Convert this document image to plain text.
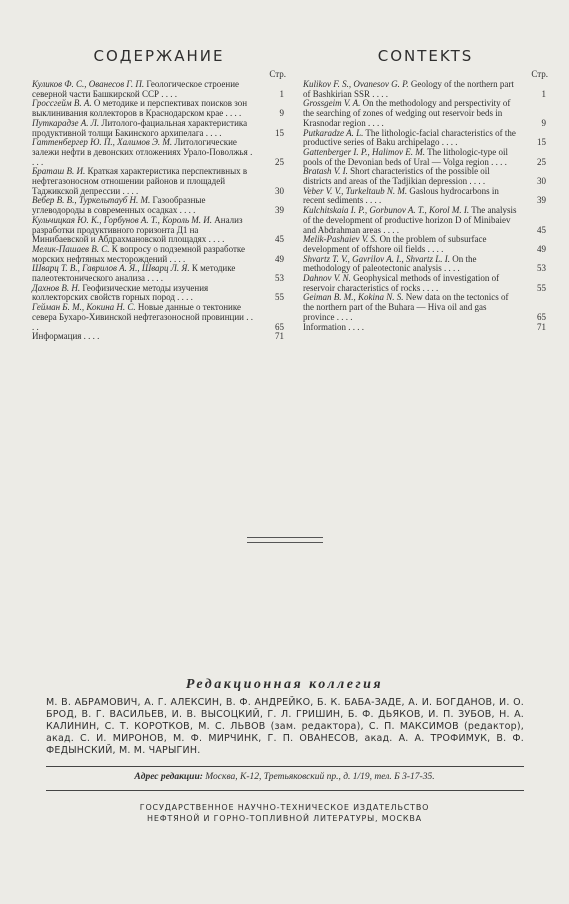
СОДЕРЖАНИЕ
Стр.
Куликов Ф. С., Ованесов Г. П. Геологическое строение северной части Башкирской ССР . . . .	1
Гроссгейм В. А. О методике и перспективах поисков зон выклинивания коллекторов в Краснодарском крае . . . .	9
Путкарадзе А. Л. Литолого-фациальная характеристика продуктивной толщи Бакинского архипелага . . . .	15
Гаттенбергер Ю. П., Халимов Э. М. Литологические залежи нефти в девонских отложениях Урало-Поволжья . . . .	25
Браташ В. И. Краткая характеристика перспективных в нефтегазоносном отношении районов и площадей Таджикской депрессии . . . .	30
Вебер В. В., Туркельтауб Н. М. Газообразные углеводороды в современных осадках . . . .	39
Кульчицкая Ю. К., Горбунов А. Т., Король М. И. Анализ разработки продуктивного горизонта Д1 на Минибаевской и Абдрахмановской площадях . . . .	45
Мелик-Пашаев В. С. К вопросу о подземной разработке морских нефтяных месторождений . . . .	49
Шварц Т. В., Гаврилов А. Я., Шварц Л. Я. К методике палеотектонического анализа . . . .	53
Дахнов В. Н. Геофизические методы изучения коллекторских свойств горных пород . . . .	55
Гейман Б. М., Кокина Н. С. Новые данные о тектонике севера Бухаро-Хивинской нефтегазоносной провинции . . . .	65
Информация . . . .	71
CONTEKTS
Стр.
Kulikov F. S., Ovanesov G. P. Geology of the northern part of Bashkirian SSR . . . .	1
Grossgeim V. A. On the methodology and perspectivity of the searching of zones of wedging out reservoir beds in Krasnodar region . . . .	9
Putkaradze A. L. The lithologic-facial characteristics of the productive series of Baku archipelago . . . .	15
Gattenberger I. P., Halimov E. M. The lithologic-type oil pools of the Devonian beds of Ural — Volga region . . . .	25
Bratash V. I. Short characteristics of the possible oil districts and areas of the Tadjikian depression . . . .	30
Veber V. V., Turkeltaub N. M. Gaslous hydrocarbons in recent sediments . . . .	39
Kulchitskaia I. P., Gorbunov A. T., Korol M. I. The analysis of the development of productive horizon D of Minibaiev and Abdrahman areas . . . .	45
Melik-Pashaiev V. S. On the problem of subsurface development of offshore oil fields . . . .	49
Shvartz T. V., Gavrilov A. I., Shvartz L. I. On the methodology of paleotectonic analysis . . . .	53
Dahnov V. N. Geophysical methods of investigation of reservoir characteristics of rocks . . . .	55
Geiman B. M., Kokina N. S. New data on the tectonics of the northern part of the Buhara — Hiva oil and gas province . . . .	65
Information . . . .	71
Редакционная коллегия
М. В. АБРАМОВИЧ, А. Г. АЛЕКСИН, В. Ф. АНДРЕЙКО, Б. К. БАБА-ЗАДЕ, А. И. БОГДАНОВ, И. О. БРОД, В. Г. ВАСИЛЬЕВ, И. В. ВЫСОЦКИЙ, Г. Л. ГРИШИН, Б. Ф. ДЬЯКОВ, И. П. ЗУБОВ, Н. А. КАЛИНИН, С. Т. КОРОТКОВ, М. С. ЛЬВОВ (зам. редактора), С. П. МАКСИМОВ (редактор), акад. С. И. МИРОНОВ, М. Ф. МИРЧИНК, Г. П. ОВАНЕСОВ, акад. А. А. ТРОФИМУК, В. Ф. ФЕДЫНСКИЙ, М. М. ЧАРЫГИН.
Адрес редакции: Москва, К-12, Третьяковский пр., д. 1/19, тел. Б 3-17-35.
ГОСУДАРСТВЕННОЕ НАУЧНО-ТЕХНИЧЕСКОЕ ИЗДАТЕЛЬСТВО
НЕФТЯНОЙ И ГОРНО-ТОПЛИВНОЙ ЛИТЕРАТУРЫ, МОСКВА
